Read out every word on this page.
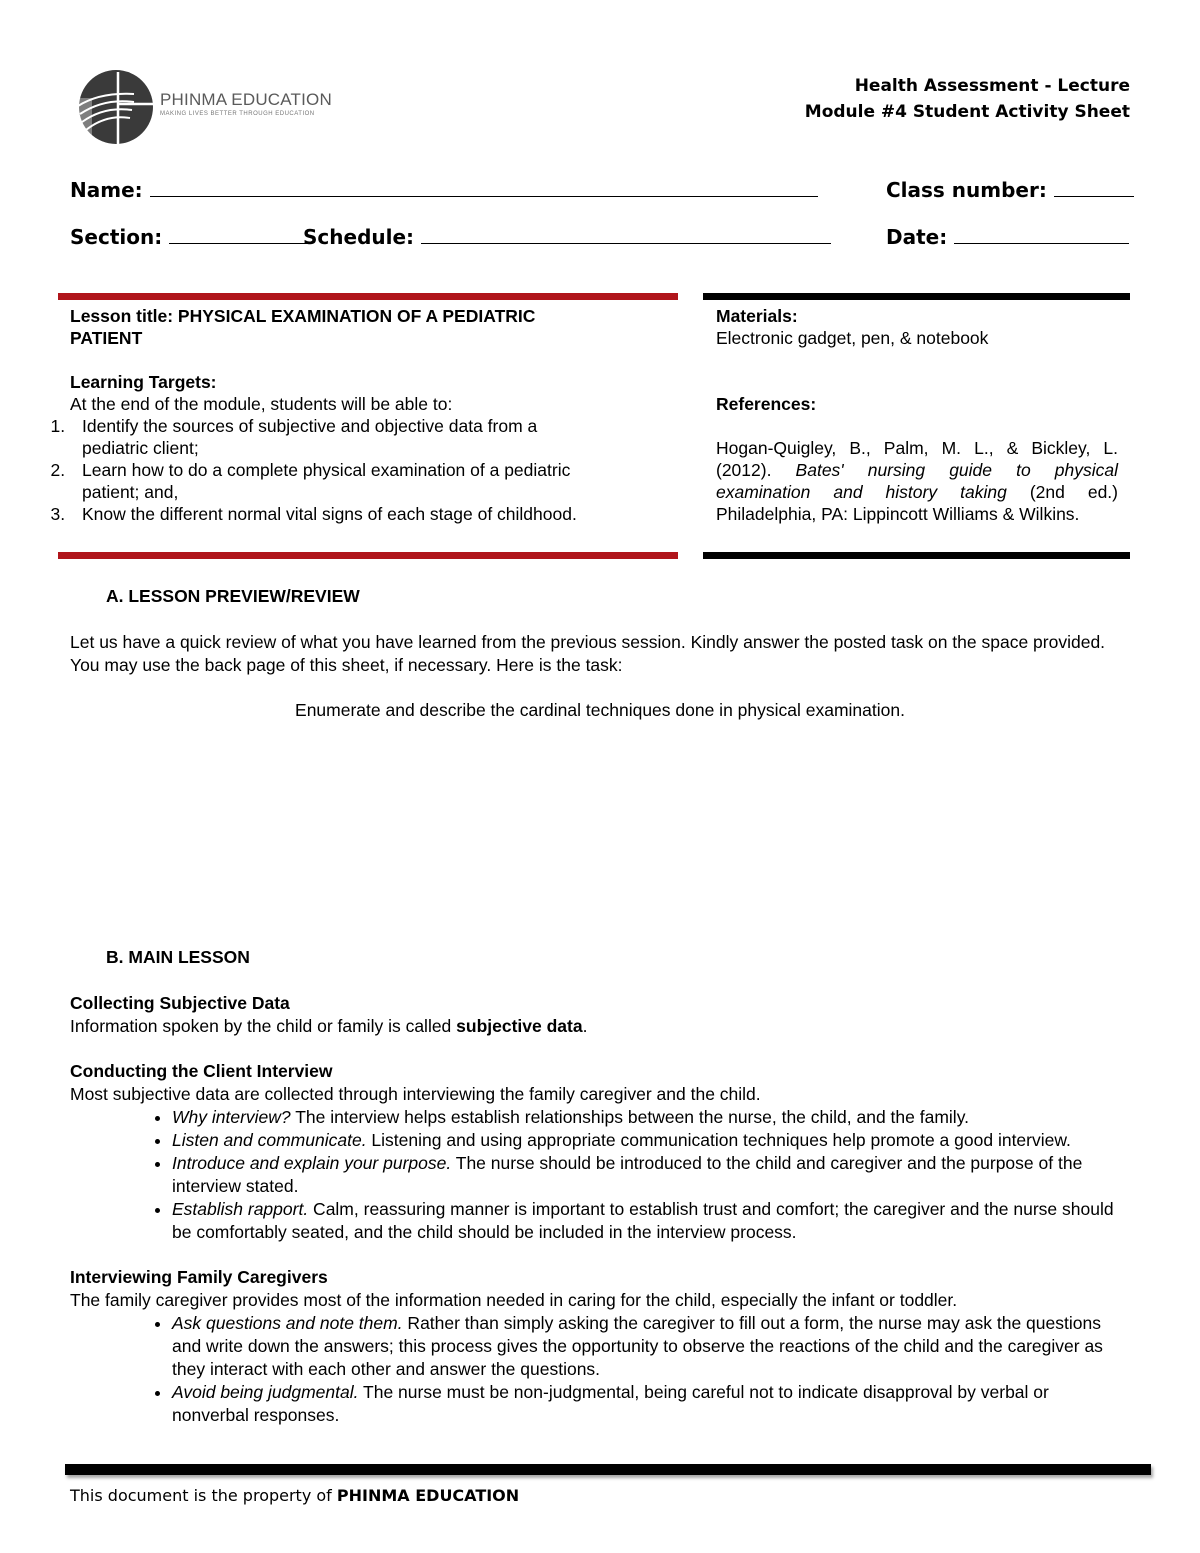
PHINMA EDUCATION
MAKING LIVES BETTER THROUGH EDUCATION
Health Assessment - Lecture
Module #4 Student Activity Sheet
Name:	Class number:
Section:	Schedule:	Date:
Lesson title: PHYSICAL EXAMINATION OF A PEDIATRIC PATIENT
Learning Targets:
At the end of the module, students will be able to:
1. Identify the sources of subjective and objective data from a pediatric client;
2. Learn how to do a complete physical examination of a pediatric patient; and,
3. Know the different normal vital signs of each stage of childhood.
Materials:
Electronic gadget, pen, & notebook
References:
Hogan-Quigley, B., Palm, M. L., & Bickley, L. (2012). Bates' nursing guide to physical examination and history taking (2nd ed.) Philadelphia, PA: Lippincott Williams & Wilkins.
A. LESSON PREVIEW/REVIEW
Let us have a quick review of what you have learned from the previous session. Kindly answer the posted task on the space provided. You may use the back page of this sheet, if necessary. Here is the task:
Enumerate and describe the cardinal techniques done in physical examination.
B. MAIN LESSON
Collecting Subjective Data
Information spoken by the child or family is called subjective data.
Conducting the Client Interview
Most subjective data are collected through interviewing the family caregiver and the child.
• Why interview? The interview helps establish relationships between the nurse, the child, and the family.
• Listen and communicate. Listening and using appropriate communication techniques help promote a good interview.
• Introduce and explain your purpose. The nurse should be introduced to the child and caregiver and the purpose of the interview stated.
• Establish rapport. Calm, reassuring manner is important to establish trust and comfort; the caregiver and the nurse should be comfortably seated, and the child should be included in the interview process.
Interviewing Family Caregivers
The family caregiver provides most of the information needed in caring for the child, especially the infant or toddler.
• Ask questions and note them. Rather than simply asking the caregiver to fill out a form, the nurse may ask the questions and write down the answers; this process gives the opportunity to observe the reactions of the child and the caregiver as they interact with each other and answer the questions.
• Avoid being judgmental. The nurse must be non-judgmental, being careful not to indicate disapproval by verbal or nonverbal responses.
This document is the property of PHINMA EDUCATION
